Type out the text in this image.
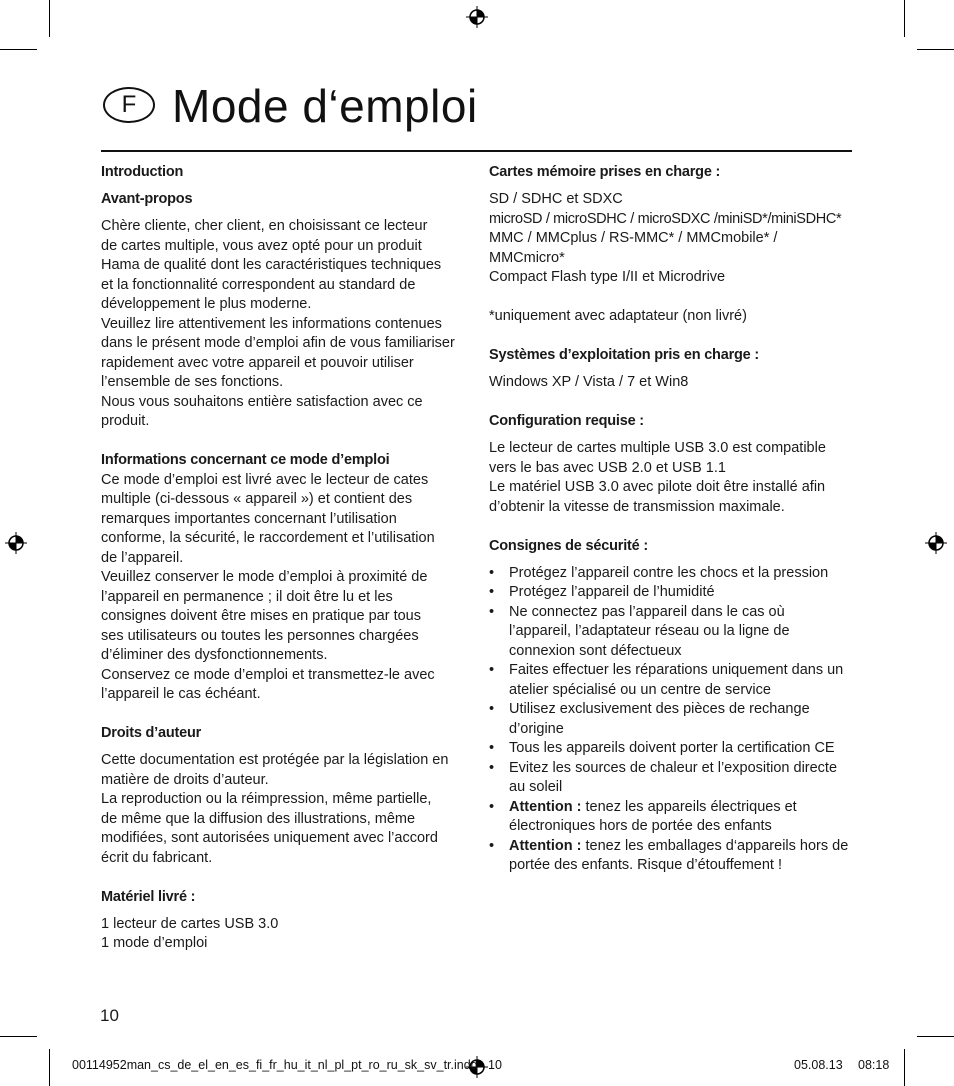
F Mode d‘emploi
Introduction
Avant-propos
Chère cliente, cher client, en choisissant ce lecteur
de cartes multiple, vous avez opté pour un produit
Hama de qualité dont les caractéristiques techniques
et la fonctionnalité correspondent au standard de
développement le plus moderne.
Veuillez lire attentivement les informations contenues
dans le présent mode d’emploi afin de vous familiariser
rapidement avec votre appareil et pouvoir utiliser
l’ensemble de ses fonctions.
Nous vous souhaitons entière satisfaction avec ce
produit.
Informations concernant ce mode d’emploi
Ce mode d’emploi est livré avec le lecteur de cates
multiple (ci-dessous « appareil ») et contient des
remarques importantes concernant l’utilisation
conforme, la sécurité, le raccordement et l’utilisation
de l’appareil.
Veuillez conserver le mode d’emploi à proximité de
l’appareil en permanence ; il doit être lu et les
consignes doivent être mises en pratique par tous
ses utilisateurs ou toutes les personnes chargées
d’éliminer des dysfonctionnements.
Conservez ce mode d’emploi et transmettez-le avec
l’appareil le cas échéant.
Droits d’auteur
Cette documentation est protégée par la législation en
matière de droits d’auteur.
La reproduction ou la réimpression, même partielle,
de même que la diffusion des illustrations, même
modifiées, sont autorisées uniquement avec l’accord
écrit du fabricant.
Matériel livré :
1 lecteur de cartes USB 3.0
1 mode d’emploi
Cartes mémoire prises en charge :
SD / SDHC et SDXC
microSD / microSDHC / microSDXC /miniSD*/miniSDHC*
MMC / MMCplus / RS-MMC* / MMCmobile* /
MMCmicro*
Compact Flash type I/II et Microdrive
*uniquement avec adaptateur (non livré)
Systèmes d’exploitation pris en charge :
Windows XP / Vista / 7 et Win8
Configuration requise :
Le lecteur de cartes multiple USB 3.0 est compatible
vers le bas avec USB 2.0 et USB 1.1
Le matériel USB 3.0 avec pilote doit être installé afin
d’obtenir la vitesse de transmission maximale.
Consignes de sécurité :
• Protégez l’appareil contre les chocs et la pression
• Protégez l’appareil de l’humidité
• Ne connectez pas l’appareil dans le cas où
l’appareil, l’adaptateur réseau ou la ligne de
connexion sont défectueux
• Faites effectuer les réparations uniquement dans un
atelier spécialisé ou un centre de service
• Utilisez exclusivement des pièces de rechange
d’origine
• Tous les appareils doivent porter la certification CE
• Evitez les sources de chaleur et l’exposition directe
au soleil
• Attention : tenez les appareils électriques et
électroniques hors de portée des enfants
• Attention : tenez les emballages d‘appareils hors de
portée des enfants. Risque d’étouffement !
10
00114952man_cs_de_el_en_es_fi_fr_hu_it_nl_pl_pt_ro_ru_sk_sv_tr.indd   10	05.08.13 08:18
